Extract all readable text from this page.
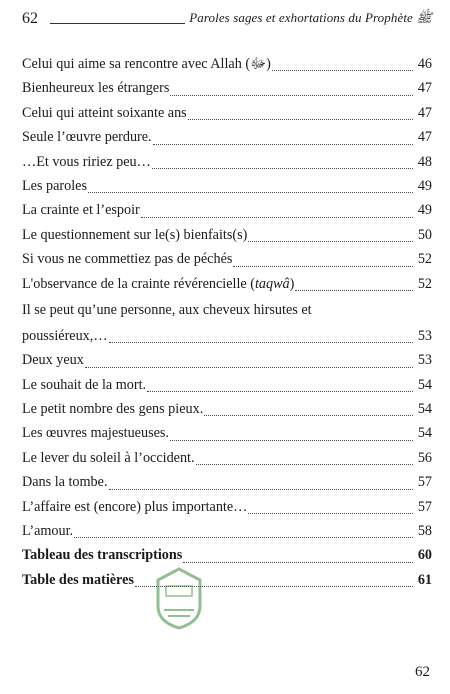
62	Paroles sages et exhortations du Prophète ﷺ
Celui qui aime sa rencontre avec Allah (ﷻ)	46
Bienheureux les étrangers	47
Celui qui atteint soixante ans	47
Seule l’œuvre perdure.	47
…Et vous ririez peu…	48
Les paroles	49
La crainte et l’espoir	49
Le questionnement sur le(s) bienfaits(s)	50
Si vous ne commettiez pas de péchés	52
L'observance de la crainte révérencielle (taqwâ)	52
Il se peut qu’une personne, aux cheveux hirsutes et
poussiéreux,…	53
Deux yeux	53
Le souhait de la mort.	54
Le petit nombre des gens pieux.	54
Les œuvres majestueuses.	54
Le lever du soleil à l’occident.	56
Dans la tombe.	57
L’affaire est (encore) plus importante…	57
L’amour.	58
Tableau des transcriptions	60
Table des matières	61
62
